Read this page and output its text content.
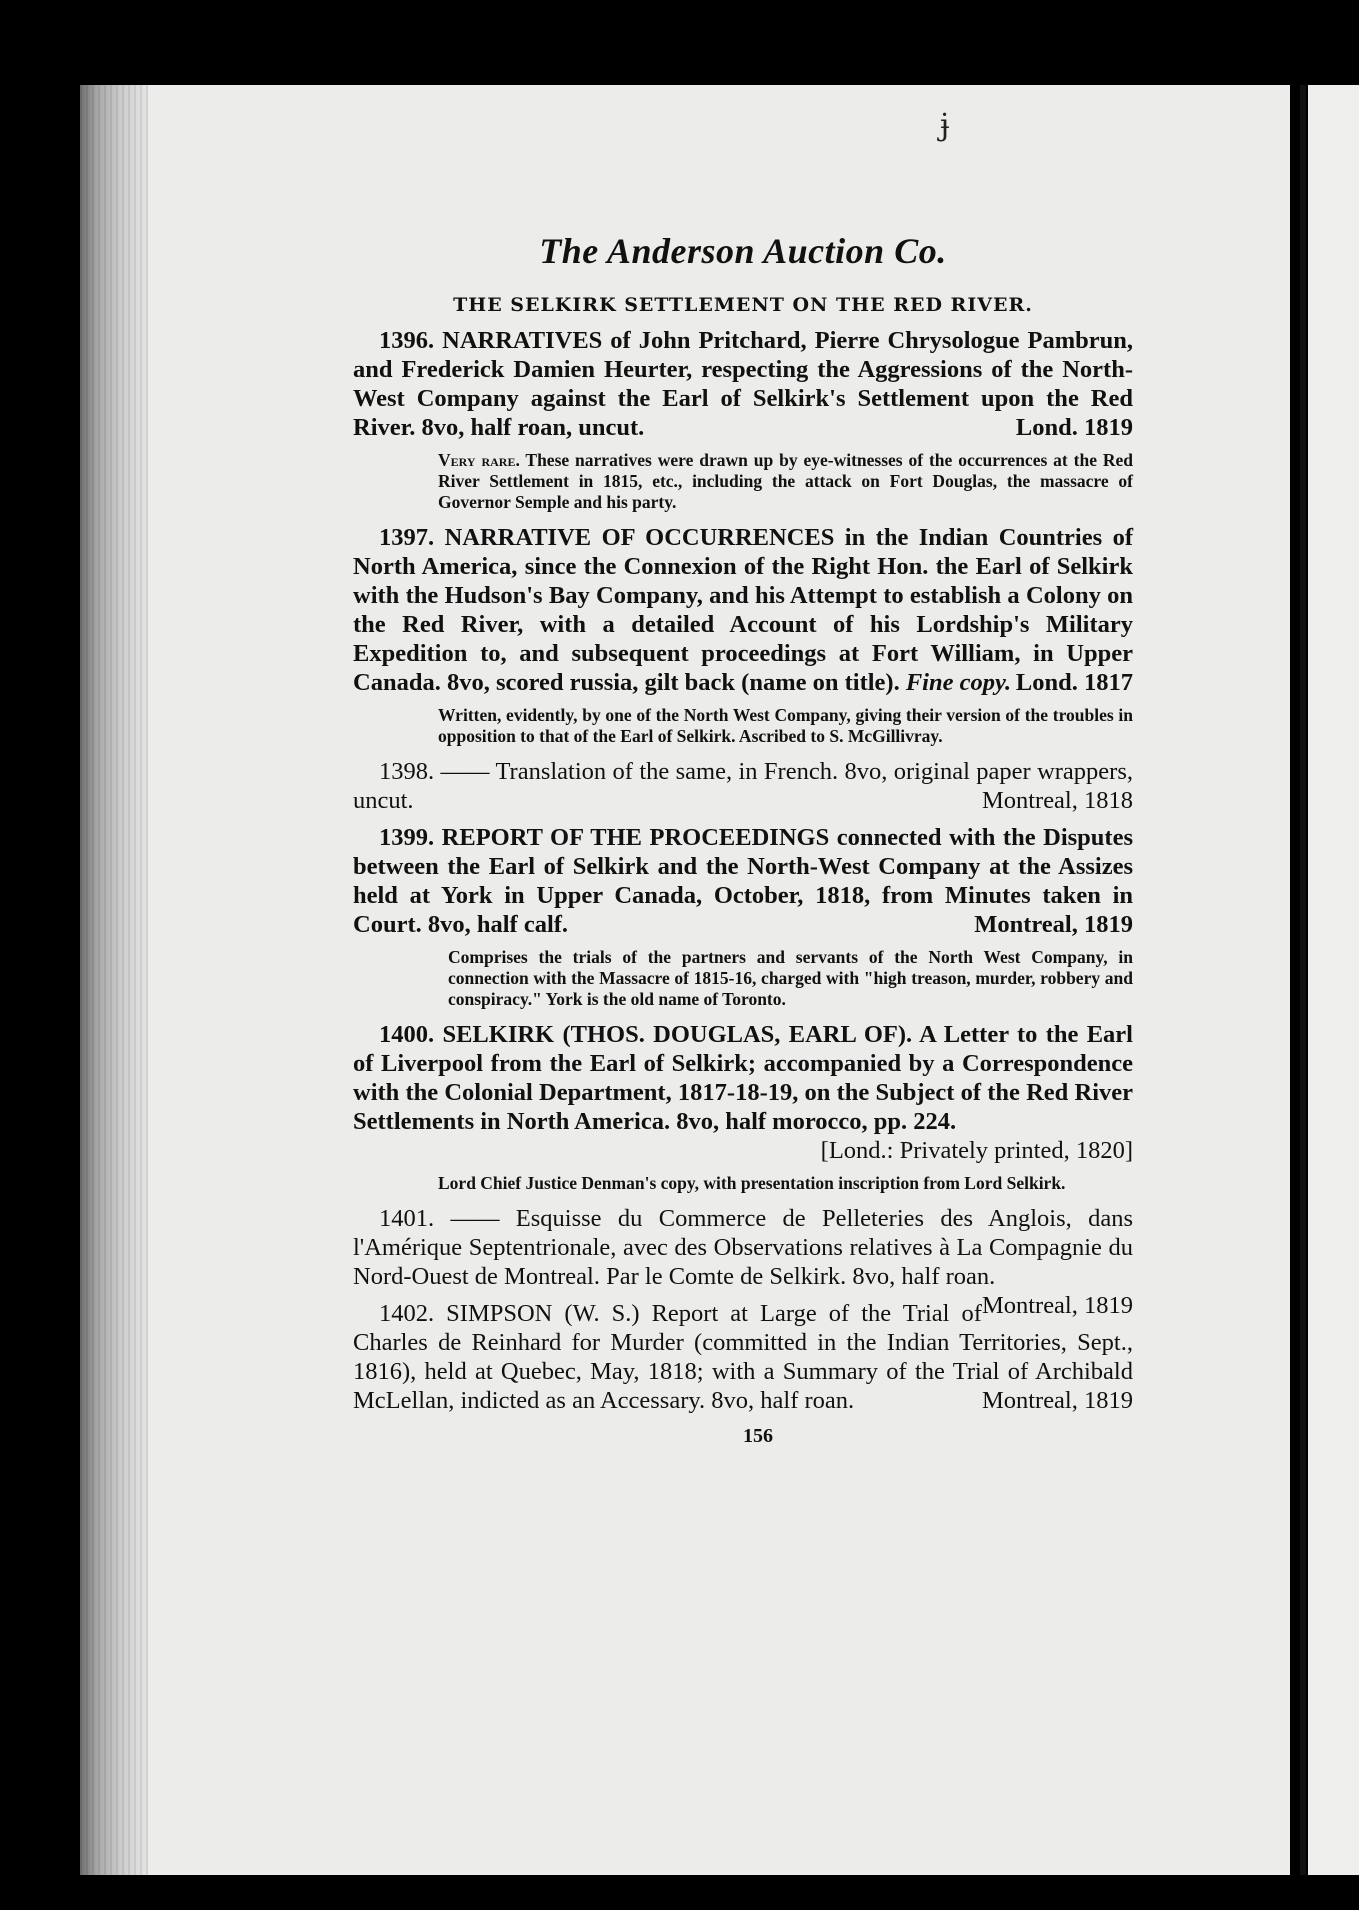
ɉ
The Anderson Auction Co.
THE SELKIRK SETTLEMENT ON THE RED RIVER.

1396. NARRATIVES of John Pritchard, Pierre Chrysologue Pambrun, and Frederick Damien Heurter, respecting the Aggressions of the North-West Company against the Earl of Selkirk's Settlement upon the Red River. 8vo, half roan, uncut.	Lond. 1819

Very rare. These narratives were drawn up by eye-witnesses of the occurrences at the Red River Settlement in 1815, etc., including the attack on Fort Douglas, the massacre of Governor Semple and his party.

1397. NARRATIVE OF OCCURRENCES in the Indian Countries of North America, since the Connexion of the Right Hon. the Earl of Selkirk with the Hudson's Bay Company, and his Attempt to establish a Colony on the Red River, with a detailed Account of his Lordship's Military Expedition to, and subsequent proceedings at Fort William, in Upper Canada. 8vo, scored russia, gilt back (name on title). Fine copy. Lond. 1817

Written, evidently, by one of the North West Company, giving their version of the troubles in opposition to that of the Earl of Selkirk. Ascribed to S. McGillivray.

1398. —— Translation of the same, in French. 8vo, original paper wrappers, uncut.	Montreal, 1818

1399. REPORT OF THE PROCEEDINGS connected with the Disputes between the Earl of Selkirk and the North-West Company at the Assizes held at York in Upper Canada, October, 1818, from Minutes taken in Court. 8vo, half calf.	Montreal, 1819

Comprises the trials of the partners and servants of the North West Company, in connection with the Massacre of 1815-16, charged with "high treason, murder, robbery and conspiracy." York is the old name of Toronto.

1400. SELKIRK (THOS. DOUGLAS, EARL OF). A Letter to the Earl of Liverpool from the Earl of Selkirk; accompanied by a Correspondence with the Colonial Department, 1817-18-19, on the Subject of the Red River Settlements in North America. 8vo, half morocco, pp. 224.

[Lond.: Privately printed, 1820]
Lord Chief Justice Denman's copy, with presentation inscription from Lord Selkirk.

1401. —— Esquisse du Commerce de Pelleteries des Anglois, dans l'Amérique Septentrionale, avec des Observations relatives à La Compagnie du Nord-Ouest de Montreal. Par le Comte de Selkirk. 8vo, half roan.
Montreal, 1819

1402. SIMPSON (W. S.) Report at Large of the Trial of Charles de Reinhard for Murder (committed in the Indian Territories, Sept., 1816), held at Quebec, May, 1818; with a Summary of the Trial of Archibald McLellan, indicted as an Accessary. 8vo, half roan.	Montreal, 1819

156
